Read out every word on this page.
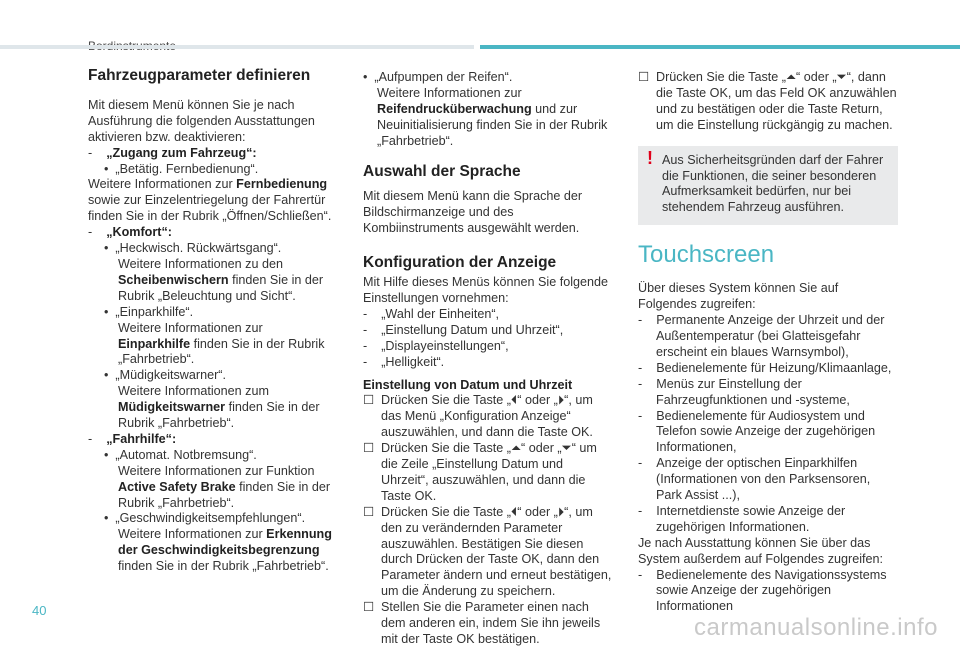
Fahrzeugparameter definieren

Mit diesem Menü können Sie je nach Ausführung die folgenden Ausstattungen aktivieren bzw. deaktivieren:

-    „Zugang zum Fahrzeug“:

•  „Betätig. Fernbedienung“.

Weitere Informationen zur Fernbedienung sowie zur Einzelentriegelung der Fahrertür finden Sie in der Rubrik „Öffnen/Schließen“.

-    „Komfort“:

•  „Heckwisch. Rückwärtsgang“.

Weitere Informationen zu den Scheibenwischern finden Sie in der Rubrik „Beleuchtung und Sicht“.

•  „Einparkhilfe“.

Weitere Informationen zur Einparkhilfe finden Sie in der Rubrik „Fahrbetrieb“.

•  „Müdigkeitswarner“.

Weitere Informationen zum Müdigkeitswarner finden Sie in der Rubrik „Fahrbetrieb“.

-    „Fahrhilfe“:

•  „Automat. Notbremsung“.

Weitere Informationen zur Funktion Active Safety Brake finden Sie in der Rubrik „Fahrbetrieb“.

•  „Geschwindigkeitsempfehlungen“.

Weitere Informationen zur Erkennung der Geschwindigkeitsbegrenzung finden Sie in der Rubrik „Fahrbetrieb“.

•  „Aufpumpen der Reifen“.

Weitere Informationen zur Reifendrucküberwachung und zur Neuinitialisierung finden Sie in der Rubrik „Fahrbetrieb“.

Auswahl der Sprache

Mit diesem Menü kann die Sprache der Bildschirmanzeige und des Kombiinstruments ausgewählt werden.

Konfiguration der Anzeige

Mit Hilfe dieses Menüs können Sie folgende Einstellungen vornehmen:

-    „Wahl der Einheiten“,

-    „Einstellung Datum und Uhrzeit“,

-    „Displayeinstellungen“,

-    „Helligkeit“.

Einstellung von Datum und Uhrzeit

☐ Drücken Sie die Taste „⏴“ oder „⏵“, um das Menü „Konfiguration Anzeige“ auszuwählen, und dann die Taste OK.

☐ Drücken Sie die Taste „⏶“ oder „⏷“ um die Zeile „Einstellung Datum und Uhrzeit“, auszuwählen, und dann die Taste OK.

☐ Drücken Sie die Taste „⏴“ oder „⏵“, um den zu verändernden Parameter auszuwählen. Bestätigen Sie diesen durch Drücken der Taste OK, dann den Parameter ändern und erneut bestätigen, um die Änderung zu speichern.

☐ Stellen Sie die Parameter einen nach dem anderen ein, indem Sie ihn jeweils mit der Taste OK bestätigen.

☐ Drücken Sie die Taste „⏶“ oder „⏷“, dann die Taste OK, um das Feld OK anzuwählen und zu bestätigen oder die Taste Return, um die Einstellung rückgängig zu machen.

! Aus Sicherheitsgründen darf der Fahrer die Funktionen, die seiner besonderen Aufmerksamkeit bedürfen, nur bei stehendem Fahrzeug ausführen.
Touchscreen

Über dieses System können Sie auf Folgendes zugreifen:

-    Permanente Anzeige der Uhrzeit und der Außentemperatur (bei Glatteisgefahr erscheint ein blaues Warnsymbol),

-    Bedienelemente für Heizung/Klimaanlage,

-    Menüs zur Einstellung der Fahrzeugfunktionen und -systeme,

-    Bedienelemente für Audiosystem und Telefon sowie Anzeige der zugehörigen Informationen,

-    Anzeige der optischen Einparkhilfen (Informationen von den Parksensoren, Park Assist ...),

-    Internetdienste sowie Anzeige der zugehörigen Informationen.

Je nach Ausstattung können Sie über das System außerdem auf Folgendes zugreifen:

-    Bedienelemente des Navigationssystems sowie Anzeige der zugehörigen Informationen

40
carmanualsonline.info
